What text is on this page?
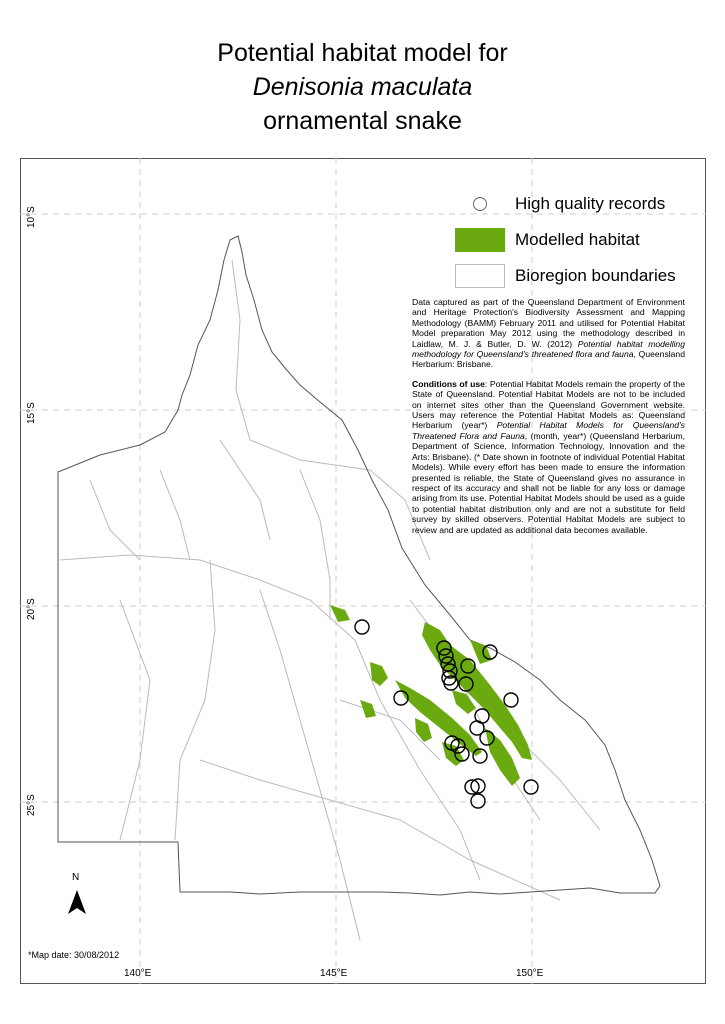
Potential habitat model for
Denisonia maculata
ornamental snake
High quality records
Modelled habitat
Bioregion boundaries

Data captured as part of the Queensland Department of Environment and Heritage Protection's Biodiversity Assessment and Mapping Methodology (BAMM) February 2011 and utilised for Potential Habitat Model preparation May 2012 using the methodology described in Laidlaw, M. J. & Butler, D. W. (2012) Potential habitat modelling methodology for Queensland's threatened flora and fauna, Queensland Herbarium: Brisbane.

Conditions of use: Potential Habitat Models remain the property of the State of Queensland. Potential Habitat Models are not to be included on internet sites other than the Queensland Government website. Users may reference the Potential Habitat Models as: Queensland Herbarium (year*) Potential Habitat Models for Queensland's Threatened Flora and Fauna, (month, year*) (Queensland Herbarium, Department of Science, Information Technology, Innovation and the Arts: Brisbane). (* Date shown in footnote of individual Potential Habitat Models). While every effort has been made to ensure the information presented is reliable, the State of Queensland gives no assurance in respect of its accuracy and shall not be liable for any loss or damage arising from its use. Potential Habitat Models should be used as a guide to potential habitat distribution only and are not a substitute for field survey by skilled observers. Potential Habitat Models are subject to review and are updated as additional data becomes available.

N
*Map date: 30/08/2012
140°E	145°E	150°E
10°S
15°S
20°S
25°S
